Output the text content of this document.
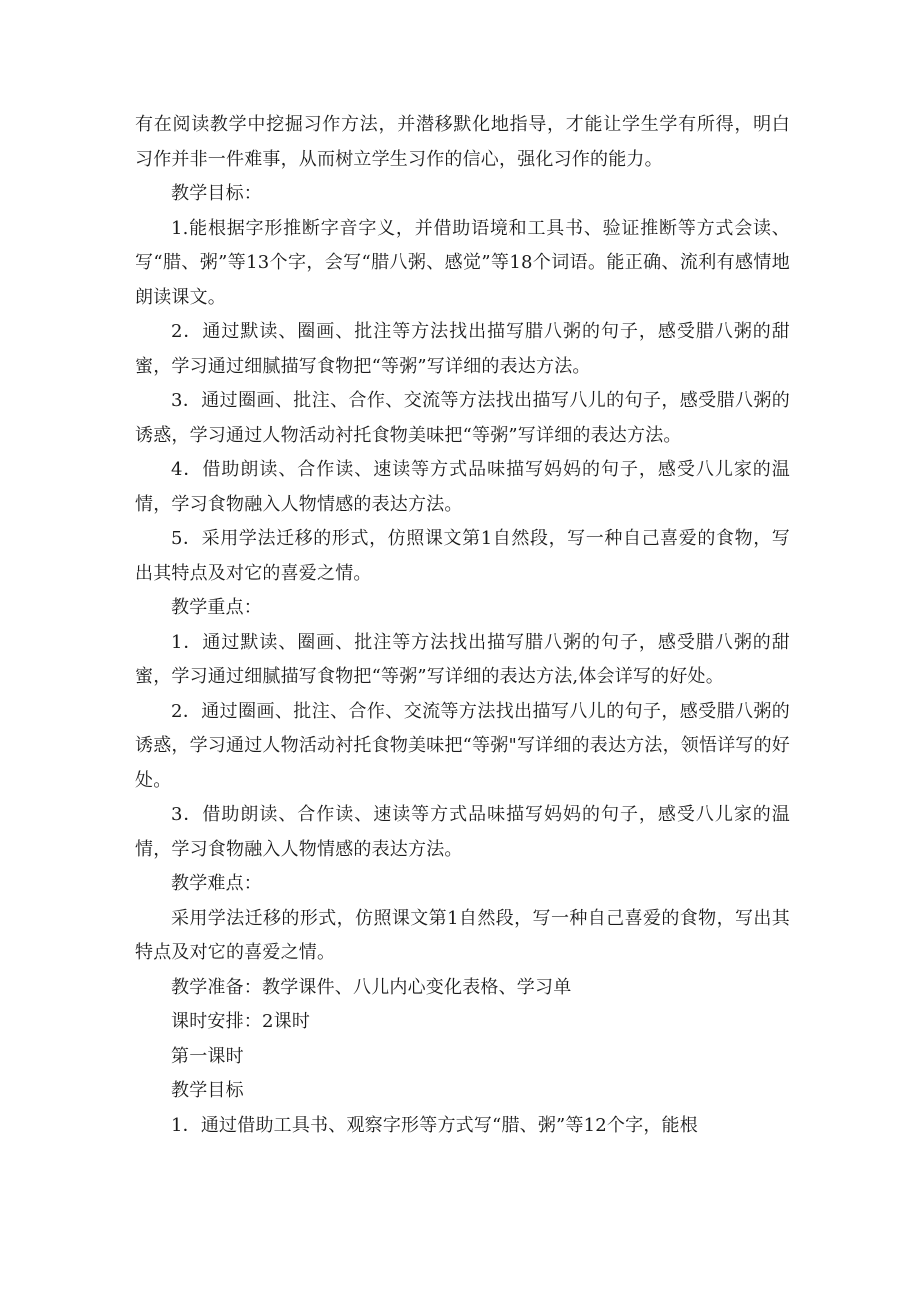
有在阅读教学中挖掘习作方法，并潜移默化地指导，才能让学生学有所得，明白习作并非一件难事，从而树立学生习作的信心，强化习作的能力。

教学目标：

1.能根据字形推断字音字义，并借助语境和工具书、验证推断等方式会读、写“腊、粥”等13个字，会写“腊八粥、感觉”等18个词语。能正确、流利有感情地朗读课文。

2．通过默读、圈画、批注等方法找出描写腊八粥的句子，感受腊八粥的甜蜜，学习通过细腻描写食物把“等粥”写详细的表达方法。

3．通过圈画、批注、合作、交流等方法找出描写八儿的句子，感受腊八粥的诱惑，学习通过人物活动衬托食物美味把“等粥”写详细的表达方法。

4．借助朗读、合作读、速读等方式品味描写妈妈的句子，感受八儿家的温情，学习食物融入人物情感的表达方法。

5．采用学法迁移的形式，仿照课文第1自然段，写一种自己喜爱的食物，写出其特点及对它的喜爱之情。

教学重点：

1．通过默读、圈画、批注等方法找出描写腊八粥的句子，感受腊八粥的甜蜜，学习通过细腻描写食物把“等粥”写详细的表达方法,体会详写的好处。

2．通过圈画、批注、合作、交流等方法找出描写八儿的句子，感受腊八粥的诱惑，学习通过人物活动衬托食物美味把“等粥"写详细的表达方法，领悟详写的好处。

3．借助朗读、合作读、速读等方式品味描写妈妈的句子，感受八儿家的温情，学习食物融入人物情感的表达方法。

教学难点：

采用学法迁移的形式，仿照课文第1自然段，写一种自己喜爱的食物，写出其特点及对它的喜爱之情。

教学准备：教学课件、八儿内心变化表格、学习单

课时安排：2课时

第一课时

教学目标

1．通过借助工具书、观察字形等方式写“腊、粥”等12个字，能根
